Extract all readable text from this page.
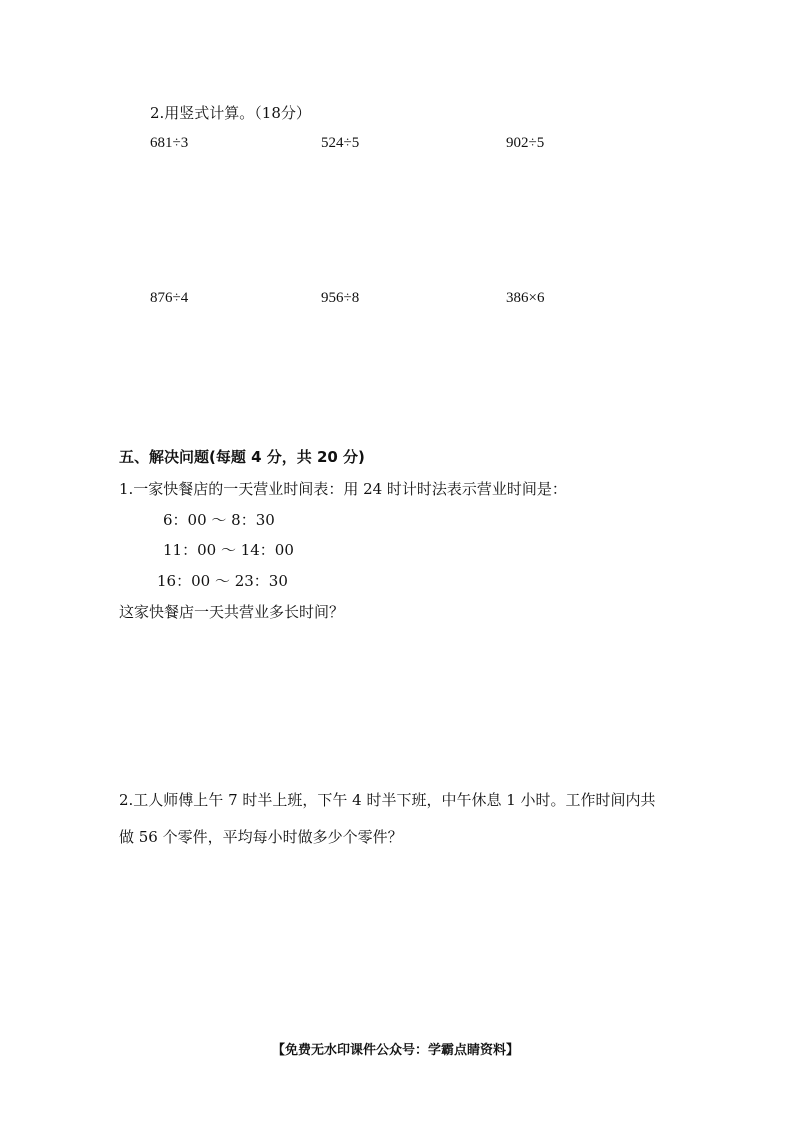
2.用竖式计算。（18分）
681÷3	524÷5	902÷5
876÷4	956÷8	386×6
五、解决问题(每题 4 分，共 20 分)
1.一家快餐店的一天营业时间表：用 24 时计时法表示营业时间是：
6：00 ～ 8：30
11：00 ～ 14：00
16：00 ～ 23：30
这家快餐店一天共营业多长时间？
2.工人师傅上午 7 时半上班，下午 4 时半下班，中午休息 1 小时。工作时间内共
做 56 个零件，平均每小时做多少个零件？
【免费无水印课件公众号：学霸点睛资料】
